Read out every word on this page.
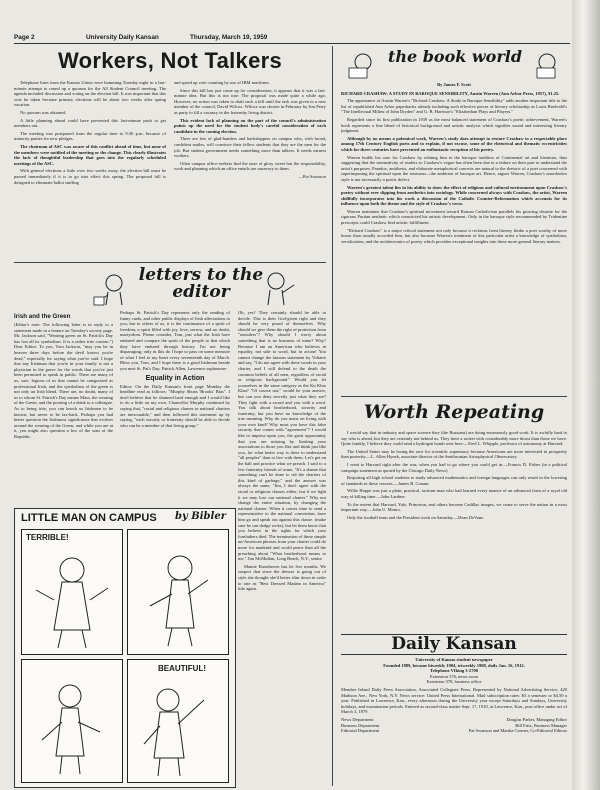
Page 2	University Daily Kansan	Thursday, March 19, 1959
Workers, Not Talkers

Telephone lines from the Kansas Union were humming Tuesday night in a last-minute attempt to round up a quorum for the All Student Council meeting. The agenda included discussion and voting on the election bill. It was important that this vote be taken because primary elections will be about two weeks after spring vacation.

No quorum was obtained.

A little planning ahead could have prevented this last-minute push to get members out.

The meeting was postponed from the regular time to 9:30 p.m. because of minority parties for new pledges.

The chairman of ASC was aware of this conflict ahead of time, but none of the members were notified of the meeting or the change. This clearly illustrates the lack of thoughtful leadership that goes into the regularly scheduled meetings of the ASC.

With general elections a little over two weeks away, the election bill must be passed immediately if it is to go into effect this spring. The proposed bill is designed to eliminate ballot stuffing

and speed up vote counting by use of IBM machines.

Since this bill has just come up for consideration, it appears that it was a last-minute idea. But this is not true. The proposal was made quite a while ago. However, no action was taken to draft such a bill until the task was given to a new member of the council, David Wilcox. Wilcox was chosen in February by Jim Perry as party to fill a vacancy in the fraternity living district.

This evident lack of planning on the part of the council's administration points up the need for the student body's careful consideration of each candidate in the coming election.

There are lots of glad-handers and backslappers on campus who, with broad, confident smiles, will convince their fellow students that they are the men for the job. But student government needs something more than talkers. It needs earnest workers.

Often campus office-seekers find the taste of glory sweet but the responsibility, work and planning which an office entails are unsavory to them.

—Pat Swanson

letters to the editor
Irish and the Green

(Editor's note: The following letter is in reply to a statement made in a feature on Tuesday's society page. Mr. Jackson said, "Wearing green on St. Patrick's Day has lost all its symbolism. It is a rather trite custom.") Dear Editor: To you, Tom Jackson, "may you be in heaven three days before the devil knows you're dead," especially for saying what you've said. I hope that any Irishman that you're in your family is not a physician in the grave for the words that you've just been permitted to speak in public. There are many of us, sure, legions of us that cannot be categorized as professional Irish, and the symbolism of the green is not only an Irish blend. There are, no doubt, many of us to whom St. Patrick's Day means Mass, the wearing of the Green, and the pouring of a drink to a colleague. As to being trite, you can knock us Irishmen to be known, but never to be lax-back. Perhaps you had better question the Irishmost significance that evolves around the wearing of the Green, and while you are at it, you might also question a few of the sons of the Republic.

Perhaps St. Patrick's Day represents only the sending of funny cards, and other public displays of Irish affectations to you, but to others of us, it is the continuance of a spirit of freedom, a spirit filled with joy, love, sorrow, and no doubt, martyrdom. Please consider, Tom, just what the Irish have endured and compare the spirit of the people to that which they have endured through history. I'm not being disparaging; only in this do I hope to pass on some measure of what I feel to my heart every seventeenth day of March. Bless you, Tom, and I hope there is a good Irishman beside you next St. Pat's Day. Patrick Allen, Lawrence sophomore

Equality in Action

Editor: On the Daily Kansan's front page Monday the headline read as follows: "Murphy Shuns 'Brooks' Bias". I don't believe that he shunned hard enough and I would like to do a little on my own. Chancellor Murphy continued by saying that, "racial and religious clauses in national charters are inexcusable," and then followed this statement up by saying, "each sorority or fraternity should be able to decide who can be a member of that living group."

Oh, yes? They certainly should be able to decide. This is their God-given right and they should be very proud of themselves. Why should we give them the right of protection from "outsiders"? Why should I worry about something that is no business of mine? Why? Because I am an American who believes in equality, not side to word, but in action! You cannot change the famous statement by Voltaire and say, "I do not agree with these words in your charter, and I will defend to the death the common beliefs of all men, regardless of racial or religious background." Would you let yourselves in the same category as the Ku Klux Klan? "Of course not," would be your answer, but can you deny secretly just what they are? They fight with a sword and you with a word. You talk about brotherhood, sorority and fraternity, but you have no knowledge of the true meaning. Why do you insist on living with your own kind? Why must you have this false security that comes with "agreement"? I would like to impress upon you, the great opportunity that you are missing by limiting your associations to those you like and think just like you, for what better way is there to understand "all peoples" than to live with them. Let's get on the ball and practice what we preach. I said to a few fraternity friends of mine, "It's a shame that something can't be done to rid the charters of this kind of garbage," and the answer was always the same, "Jim, I don't agree with the racial or religious clauses either, but if we fight it we may lose our national charter." Why not change the entire situation, by changing the national charter. When it comes time to send a representative to the national convention, have him go and speak out against this clause. (make sure he can dodge rocks), but let them know that you believe in the rights for which your forefathers died. The termination of these simple un-American phrases from your charter could do more for mankind and world peace than all the preaching about "What brotherhood means to me." Jim McMullan, Long Beach, N.Y., senior

Mamie Eisenhower has let five months. We suspect that since the dresser is going out of style she thought she'd better slim down in order to rate as "Best Dressed Madam in America" title again.

LITTLE MAN ON CAMPUS by Bibler
TERRIBLE!
BEAUTIFUL!
the book world
By James F. Scott

RICHARD CRASHAW: A STUDY IN BAROQUE SENSIBILITY, Austin Warren (Ann Arbor Press, 1957), $1.25.

The appearance of Austin Warren's "Richard Crashaw: A Study in Baroque Sensibility" adds another important title to the list of republished Ann Arbor paperbacks already including such effective pieces of literary scholarship as Louis Bredvold's "The Intellectual Milieu of John Dryden" and G. B. Harrison's "Elizabethan Plays and Players."

Regarded since its first publication in 1939 as the most balanced statement of Crashaw's poetic achievement, Warren's book represents a fine blend of historical background and artistic analysis which signifies sound and interesting literary judgment.

Although by no means a polemical work, Warren's study does attempt to restore Crashaw to a respectable place among 17th Century English poets and to explain, if not excuse, some of the rhetorical and thematic eccentricities which for three centuries have prevented an enthusiastic reception of his poetry.

Warren builds his case for Crashaw by relating him to the baroque tradition of Continental art and literature, thus suggesting that the insensitivity of readers to Crashaw's vogue has often been due to a failure on their part to understand the artist's purposes. Paradox, antithesis, and elaborate metaphorical conceits are natural to the rhetoric of a poet concerned with superimposing the spiritual upon the sensuous—the ambition of baroque art. Hence, argues Warren, Crashaw's unorthodox style is not necessarily a poetic defect.

Warren's greatest talent lies in his ability to show the effect of religious and cultural environment upon Crashaw's poetry without ever slipping from aesthetics into sociology. While concerned always with Crashaw, the artist, Warren skillfully incorporates into his work a discussion of the Catholic Counter-Reformation which accounts for its influence upon both the theme and the style of Crashaw's verse.

Warren maintains that Crashaw's spiritual movement toward Roman Catholicism parallels his growing distaste for the rigorous Puritan aesthetic which constricted his artistic development. Only in the baroque style recommended by Tridentine prescripts could Crashaw find artistic fulfillment.

"Richard Crashaw" is a major critical statement not only because it reclaims from literary limbo a poet worthy of more honor than usually accorded him, but also because Warren's treatment of this particular artist a knowledge of symbolism, versification, and the architectonics of poetry which provides exceptional insights into these more general literary matters.

Worth Repeating

I would say that in industry and space science they (the Russians) are doing enormously good work. It is awfully hard to say who is ahead, but they are certainly not behind us. They have a rocket with considerably more thrust than those we have. Quite frankly, I believe they could send a hydrogen bomb over here.—Fred L. Whipple, professor of astronomy at Harvard.

The United States may be losing the race for scientific supremacy because Americans are more interested in prosperity than posterity.—L. Allen Hynek, associate director of the Smithsonian Astrophysical Observatory.

I went to Harvard right after the war, when you had to go where you could get in.—Francis D. Fisher (in a political campaign statement as quoted by the Chicago Daily News)

Requiring all high school students to study advanced mathematics and foreign languages can only result in the lowering of standards in these courses.—James B. Conant.

Willie Hoppe was just a plain, practical, taciturn man who had learned every nuance of an advanced form of a royal old way of killing time.—John Lardner.

To the extent that Harvard, Yale, Princeton, and others become Cadillac images, we cease to serve the nation in a most important way.—John U. Monro.

Only the football team and the President work on Saturday.—Dean DeVane.

Daily Kansan

University of Kansas student newspaper

Founded 1889, became biweekly 1904, triweekly 1908, daily Jan. 16, 1912.

Telephone VIking 3-2700

Extension 376, news room

Extension 378, business office

Member Inland Daily Press Association, Associated Collegiate Press. Represented by National Advertising Service, 420 Madison Ave., New York, N.Y. News service: United Press International. Mail subscription rates: $3 a semester or $4.50 a year. Published in Lawrence, Kan., every afternoon during the University year except Saturdays and Sundays, University holidays, and examination periods. Entered as second-class matter Sept. 17, 1910, at Lawrence, Kan., post office under act of March 3, 1879.

News Department	Douglas Parker, Managing Editor
Business Department	Bill Fritz, Business Manager
Editorial Department	Pat Swanson and Martha Cromer, Co-Editorial Editors
